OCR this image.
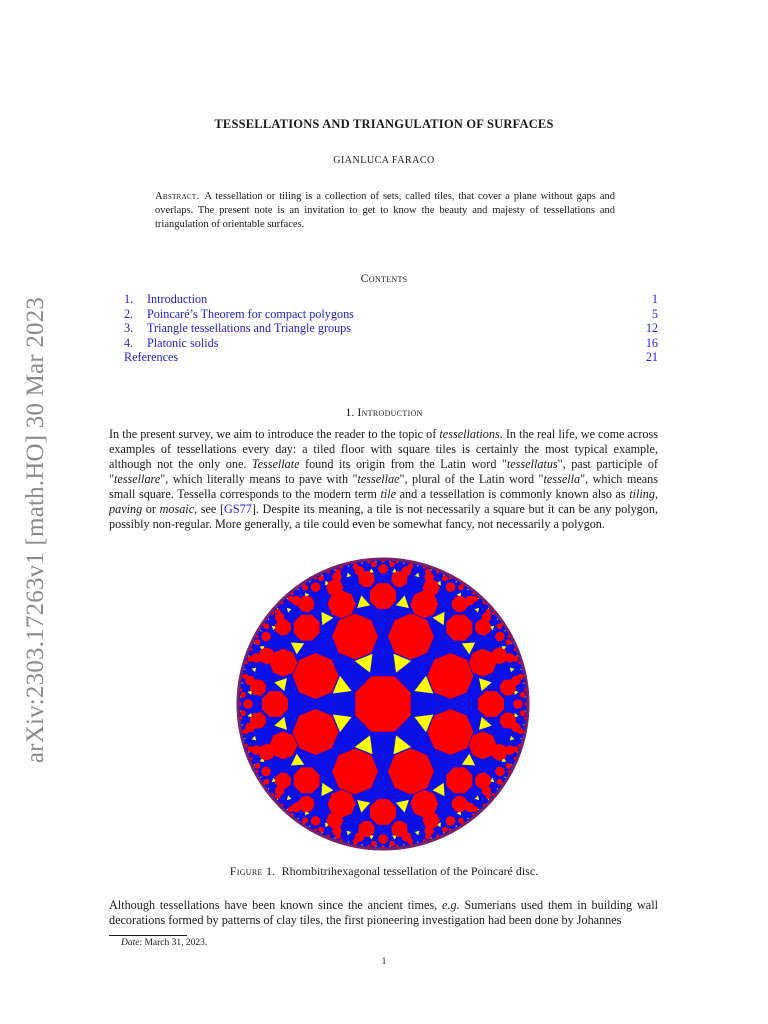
arXiv:2303.17263v1 [math.HO] 30 Mar 2023
TESSELLATIONS AND TRIANGULATION OF SURFACES
GIANLUCA FARACO
Abstract. A tessellation or tiling is a collection of sets, called tiles, that cover a plane without gaps and overlaps. The present note is an invitation to get to know the beauty and majesty of tessellations and triangulation of orientable surfaces.
Contents
1. Introduction	1
2. Poincaré’s Theorem for compact polygons	5
3. Triangle tessellations and Triangle groups	12
4. Platonic solids	16
References	21
1. Introduction
In the present survey, we aim to introduce the reader to the topic of tessellations. In the real life, we come across examples of tessellations every day: a tiled floor with square tiles is certainly the most typical example, although not the only one. Tessellate found its origin from the Latin word "tessellatus", past participle of "tessellare", which literally means to pave with "tessellae", plural of the Latin word "tessella", which means small square. Tessella corresponds to the modern term tile and a tessellation is commonly known also as tiling, paving or mosaic, see [GS77]. Despite its meaning, a tile is not necessarily a square but it can be any polygon, possibly non-regular. More generally, a tile could even be somewhat fancy, not necessarily a polygon.
Figure 1. Rhombitrihexagonal tessellation of the Poincaré disc.
Although tessellations have been known since the ancient times, e.g. Sumerians used them in building wall decorations formed by patterns of clay tiles, the first pioneering investigation had been done by Johannes
Date: March 31, 2023.
1
